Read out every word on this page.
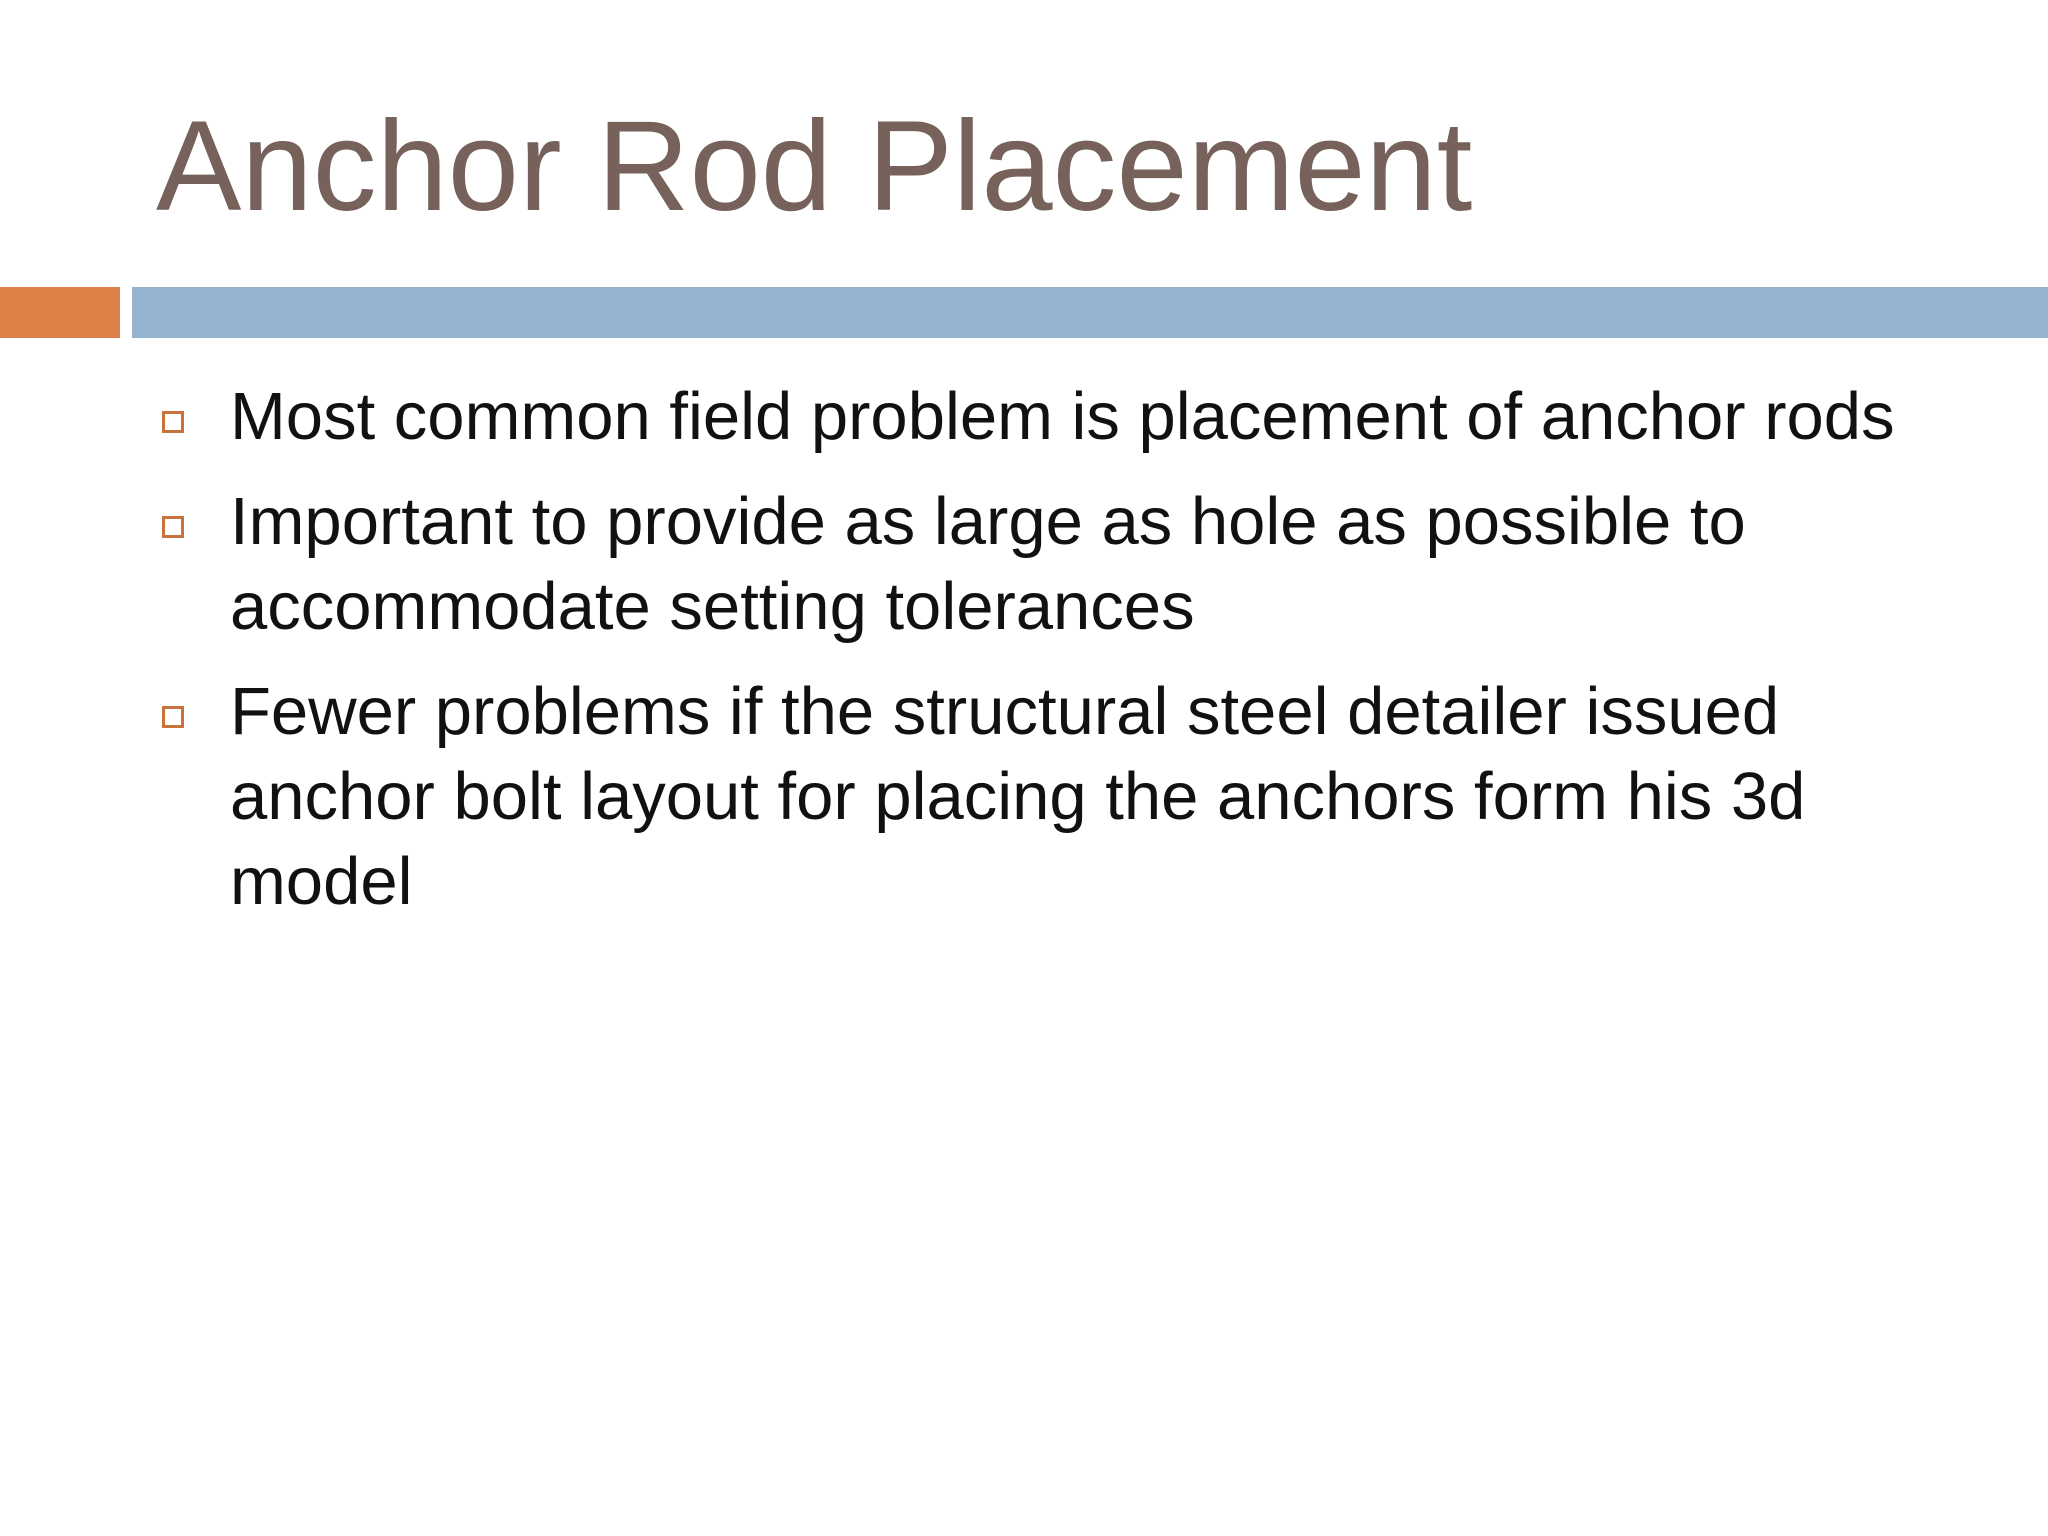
Anchor Rod Placement
Most common field problem is placement of anchor rods
Important to provide as large as hole as possible to accommodate setting tolerances
Fewer problems if the structural steel detailer issued anchor bolt layout for placing the anchors form his 3d model
